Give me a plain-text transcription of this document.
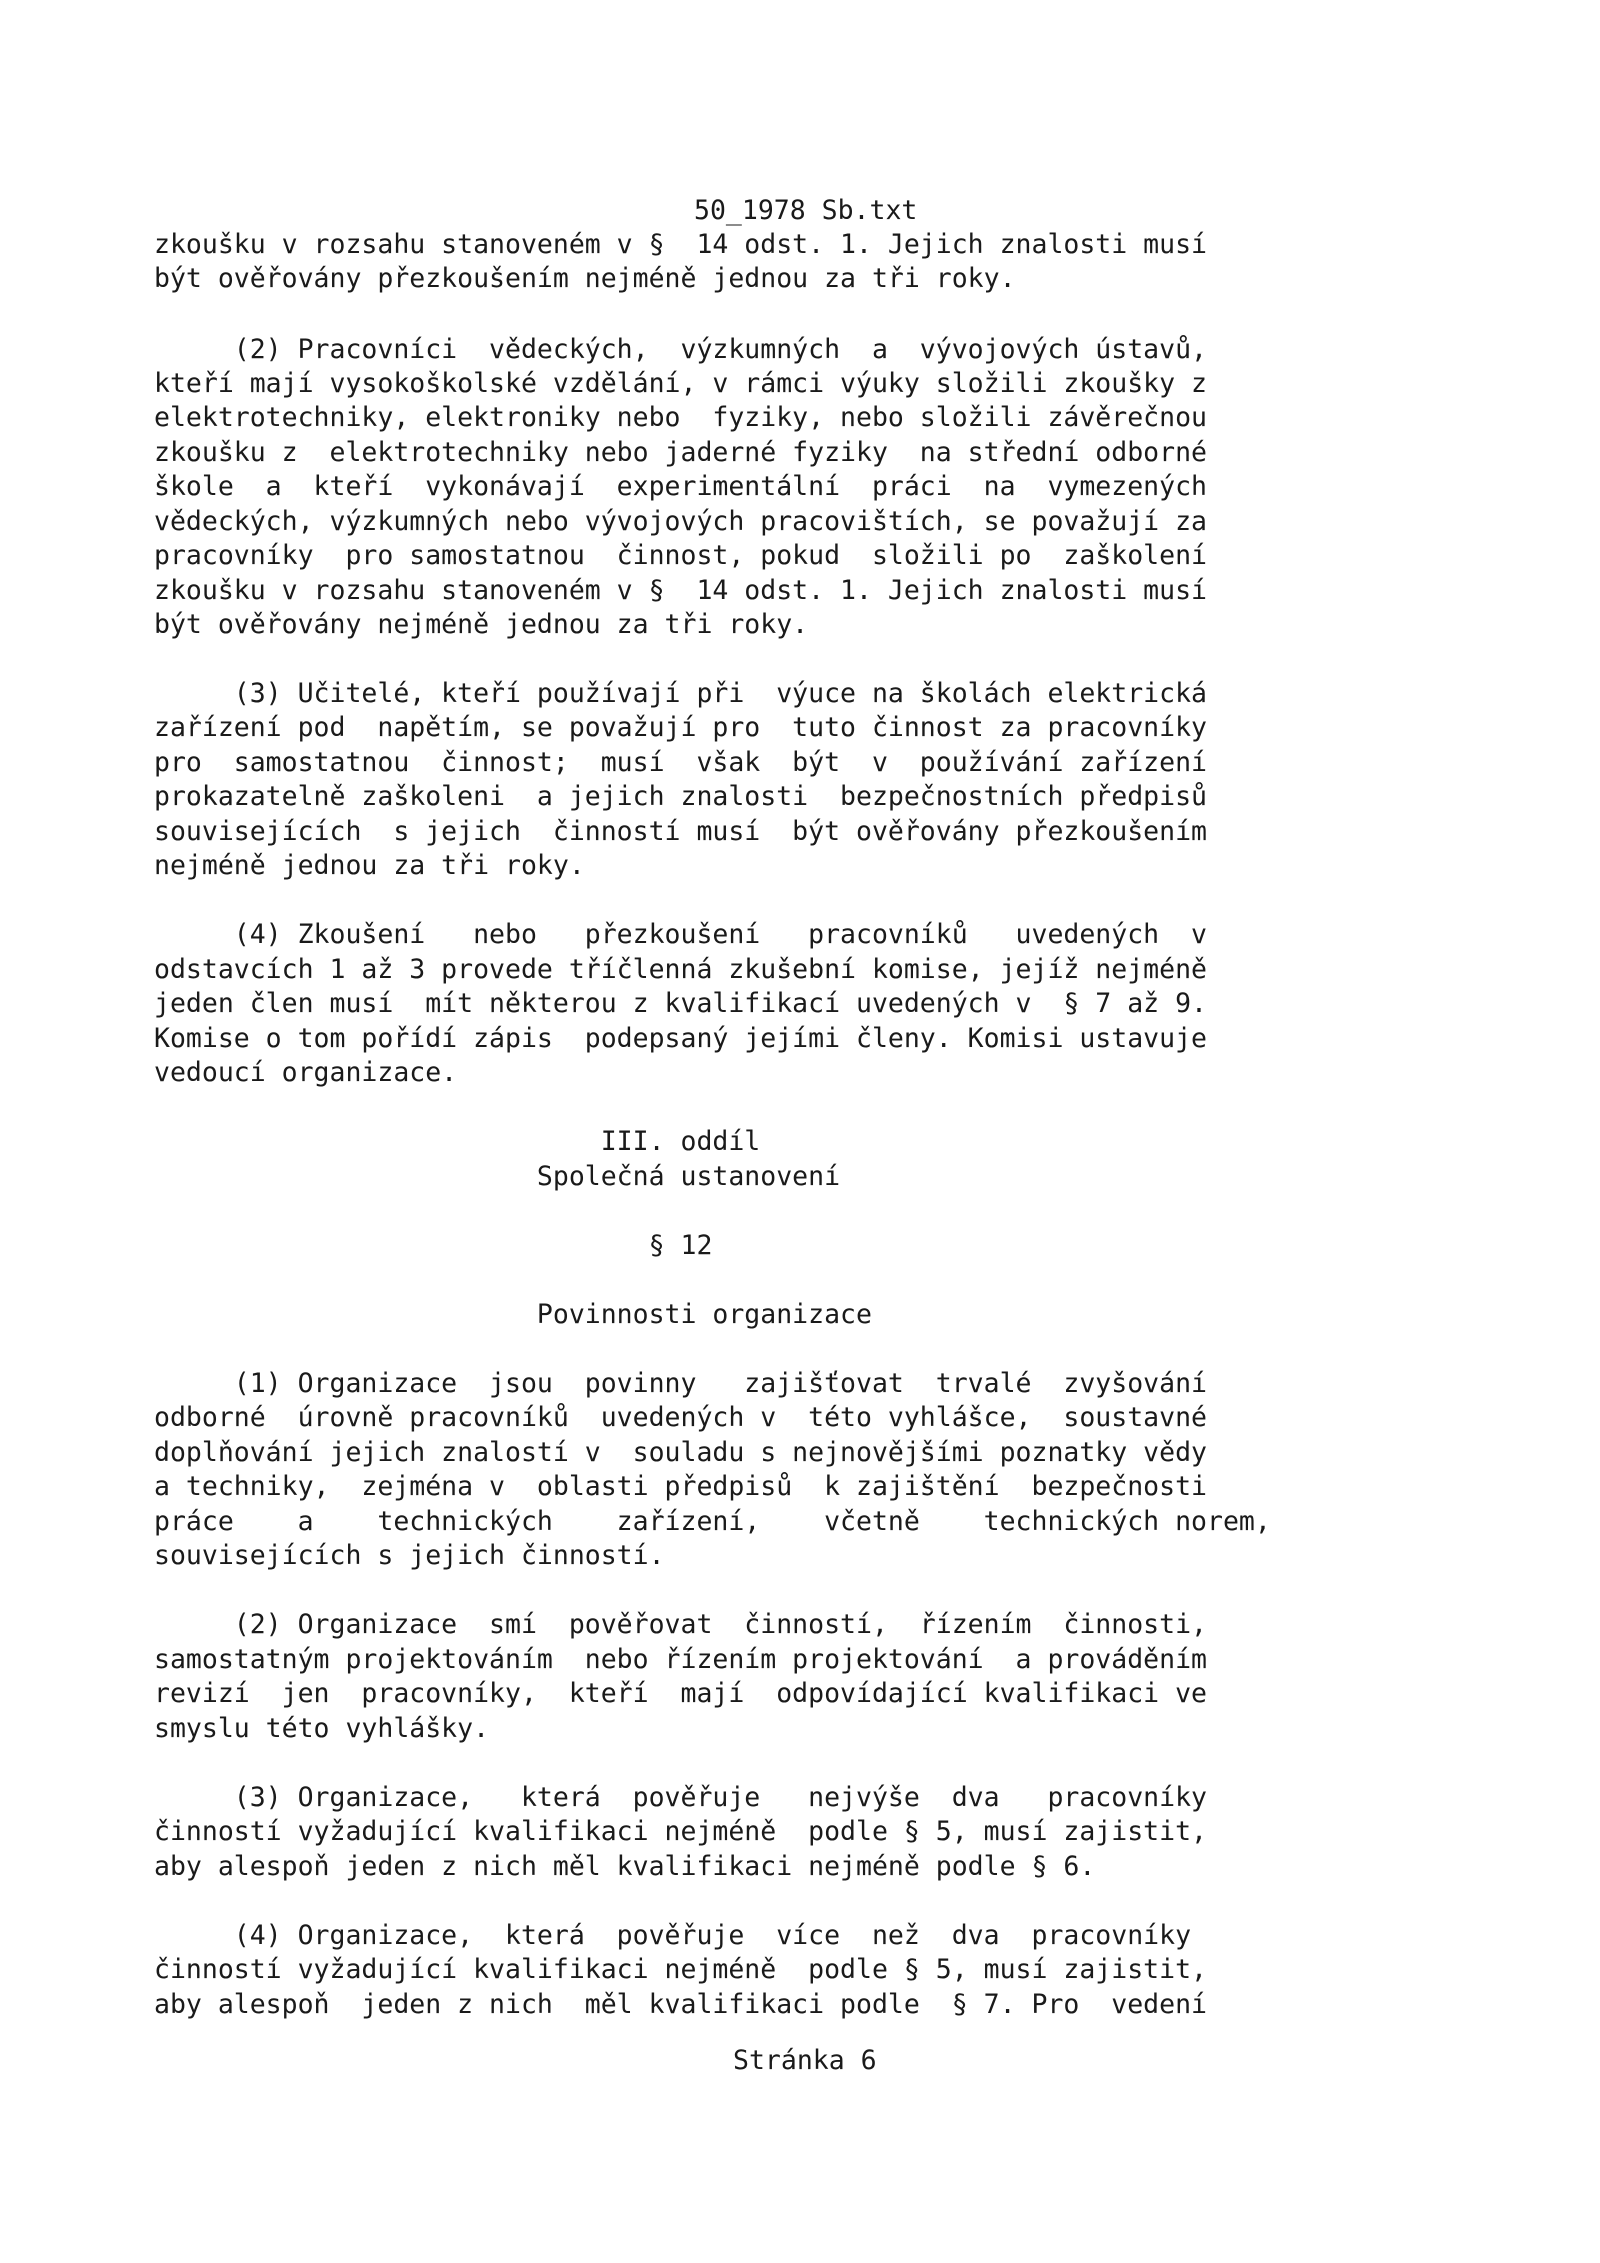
50_1978 Sb.txt
zkoušku v rozsahu stanoveném v §  14 odst. 1. Jejich znalosti musí
být ověřovány přezkoušením nejméně jednou za tři roky.
(2) Pracovníci  vědeckých,  výzkumných  a  vývojových ústavů,
kteří mají vysokoškolské vzdělání, v rámci výuky složili zkoušky z
elektrotechniky, elektroniky nebo  fyziky, nebo složili závěrečnou
zkoušku z  elektrotechniky nebo jaderné fyziky  na střední odborné
škole  a  kteří  vykonávají  experimentální  práci  na  vymezených
vědeckých, výzkumných nebo vývojových pracovištích, se považují za
pracovníky  pro samostatnou  činnost, pokud  složili po  zaškolení
zkoušku v rozsahu stanoveném v §  14 odst. 1. Jejich znalosti musí
být ověřovány nejméně jednou za tři roky.
(3) Učitelé, kteří používají při  výuce na školách elektrická
zařízení pod  napětím, se považují pro  tuto činnost za pracovníky
pro  samostatnou  činnost;  musí  však  být  v  používání zařízení
prokazatelně zaškoleni  a jejich znalosti  bezpečnostních předpisů
souvisejících  s jejich  činností musí  být ověřovány přezkoušením
nejméně jednou za tři roky.
(4) Zkoušení   nebo   přezkoušení   pracovníků   uvedených  v
odstavcích 1 až 3 provede tříčlenná zkušební komise, jejíž nejméně
jeden člen musí  mít některou z kvalifikací uvedených v  § 7 až 9.
Komise o tom pořídí zápis  podepsaný jejími členy. Komisi ustavuje
vedoucí organizace.
III. oddíl
Společná ustanovení
§ 12
Povinnosti organizace
(1) Organizace  jsou  povinny   zajišťovat  trvalé  zvyšování
odborné  úrovně pracovníků  uvedených v  této vyhlášce,  soustavné
doplňování jejich znalostí v  souladu s nejnovějšími poznatky vědy
a techniky,  zejména v  oblasti předpisů  k zajištění  bezpečnosti
práce    a    technických    zařízení,    včetně    technických norem,
souvisejících s jejich činností.
(2) Organizace  smí  pověřovat  činností,  řízením  činnosti,
samostatným projektováním  nebo řízením projektování  a prováděním
revizí  jen  pracovníky,  kteří  mají  odpovídající kvalifikaci ve
smyslu této vyhlášky.
(3) Organizace,   která  pověřuje   nejvýše  dva   pracovníky
činností vyžadující kvalifikaci nejméně  podle § 5, musí zajistit,
aby alespoň jeden z nich měl kvalifikaci nejméně podle § 6.
(4) Organizace,  která  pověřuje  více  než  dva  pracovníky
činností vyžadující kvalifikaci nejméně  podle § 5, musí zajistit,
aby alespoň  jeden z nich  měl kvalifikaci podle  § 7. Pro  vedení
Stránka 6
